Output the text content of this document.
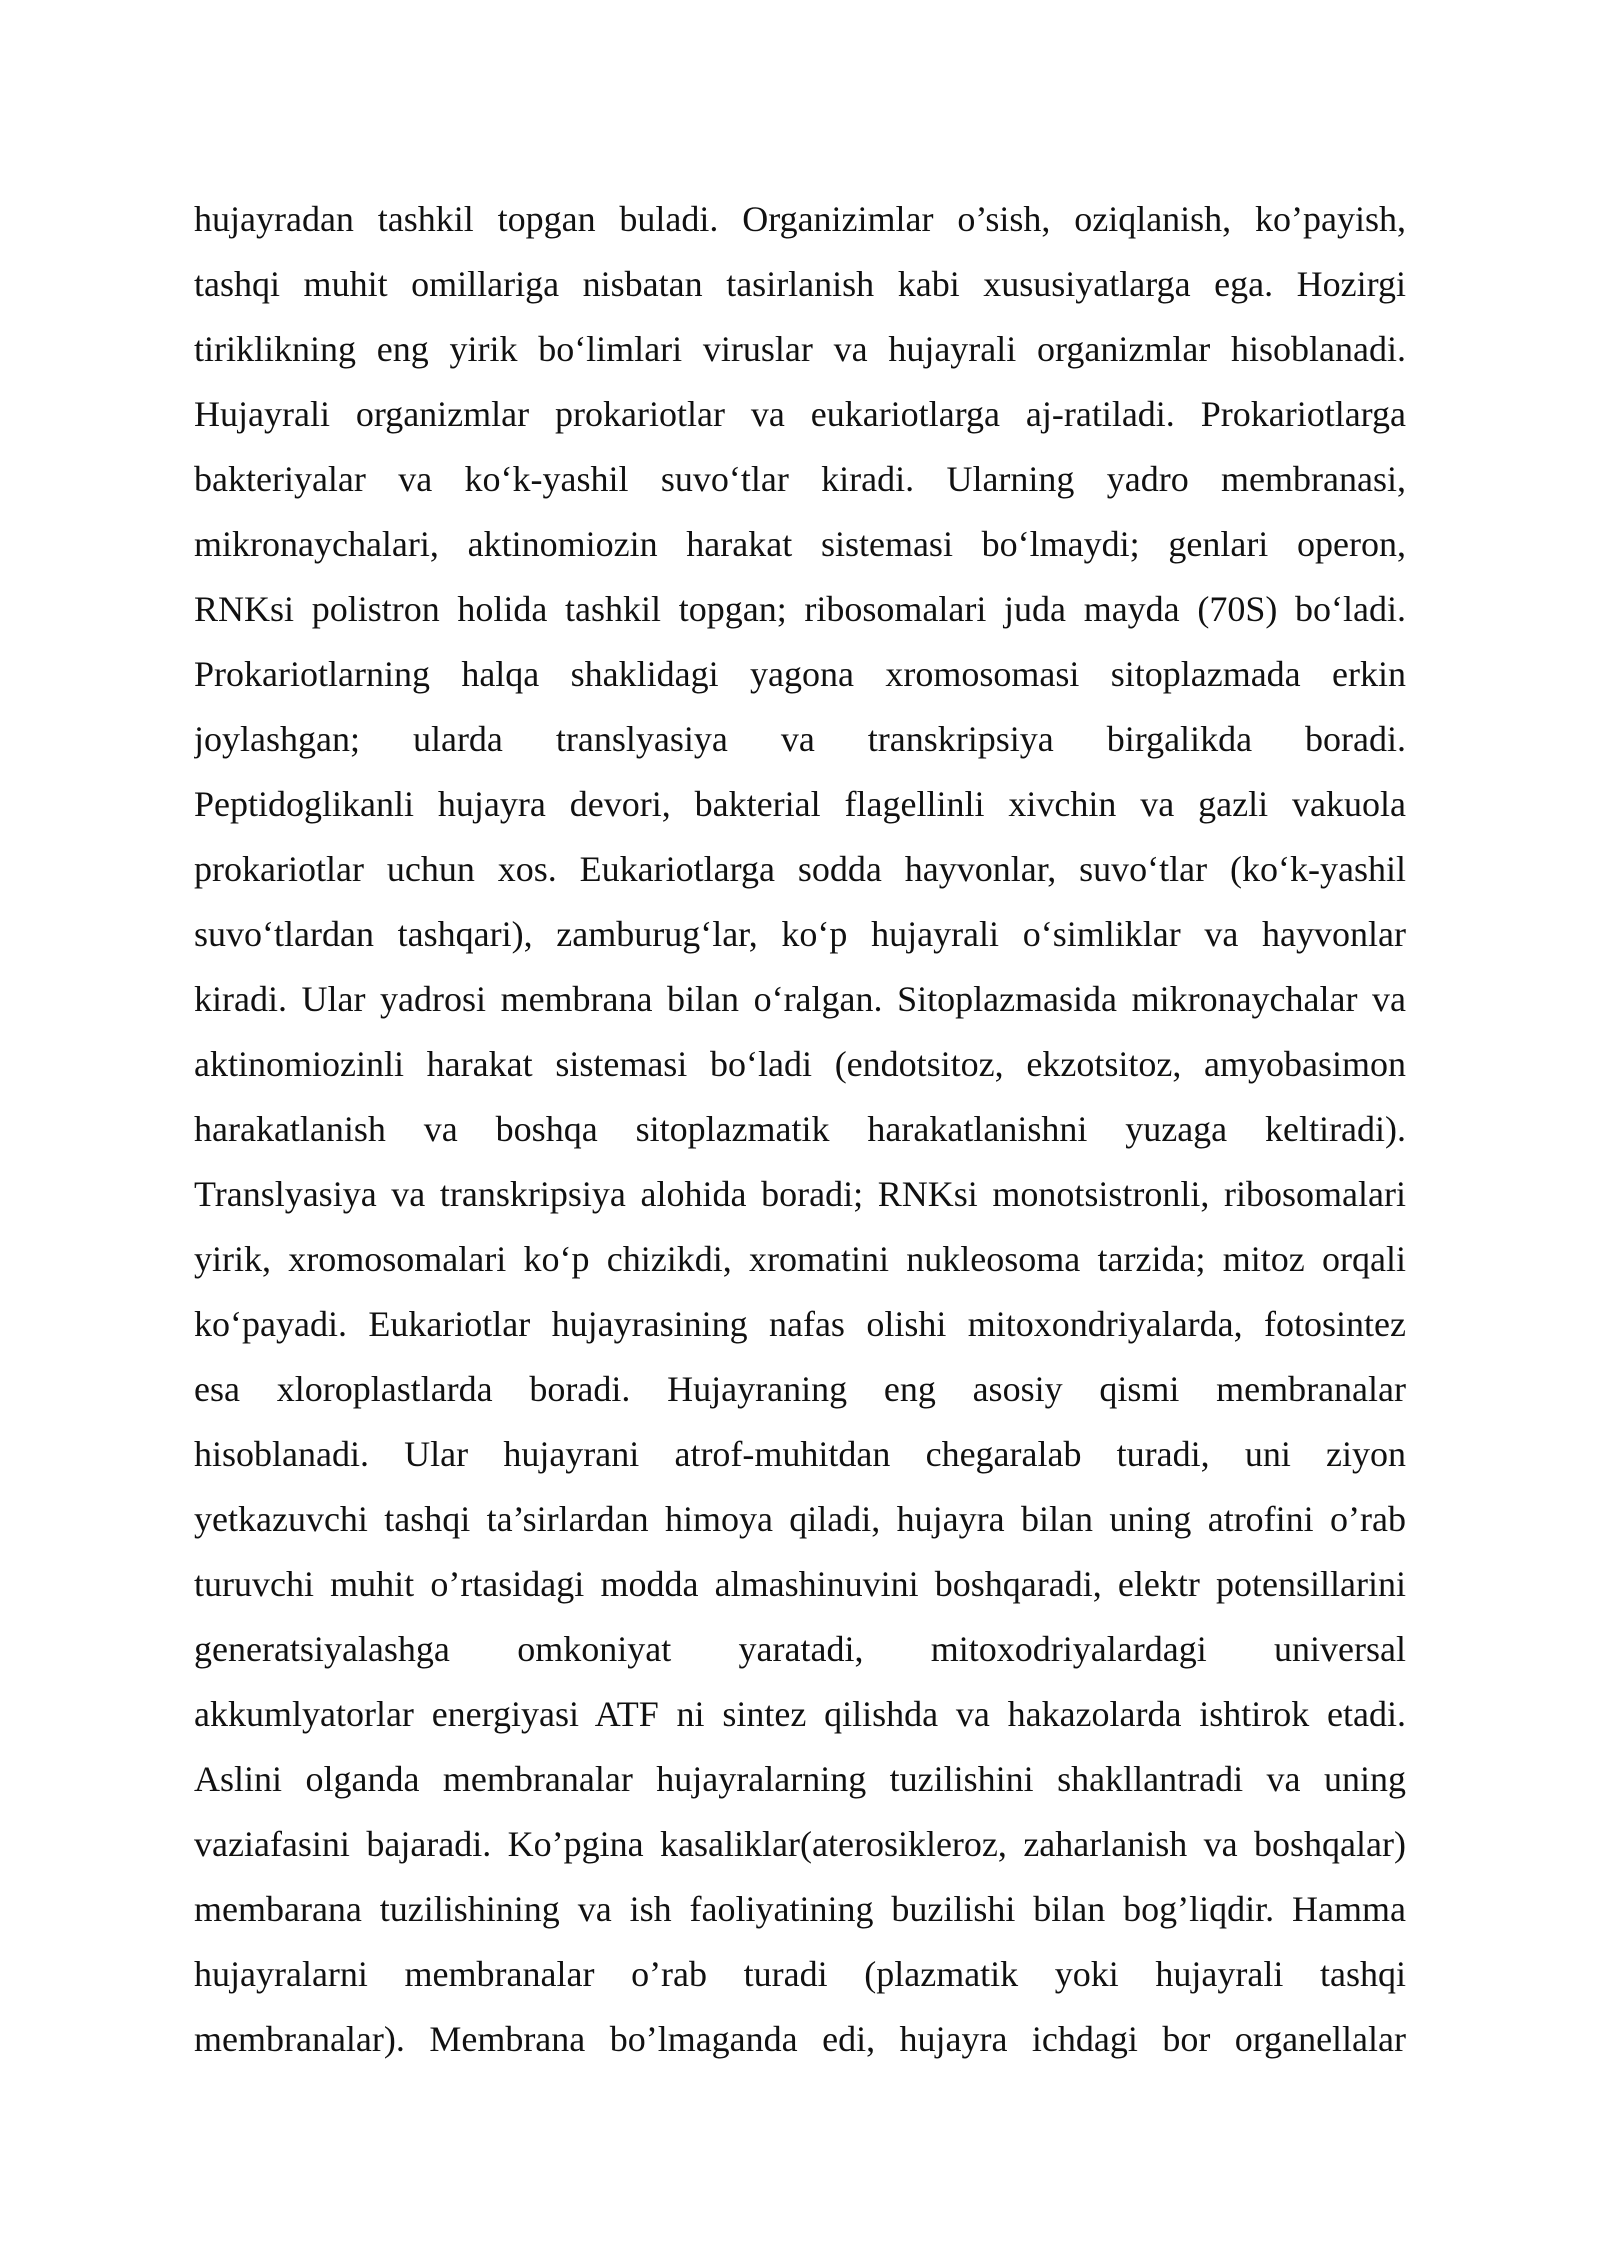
hujayradan tashkil topgan buladi. Organizimlar o’sish, oziqlanish, ko’payish,
tashqi muhit omillariga nisbatan tasirlanish kabi xususiyatlarga ega. Hozirgi
tiriklikning eng yirik bo‘limlari viruslar va hujayrali organizmlar hisoblanadi.
Hujayrali organizmlar prokariotlar va eukariotlarga aj-ratiladi. Prokariotlarga
bakteriyalar va ko‘k-yashil suvo‘tlar kiradi. Ularning yadro membranasi,
mikronaychalari, aktinomiozin harakat sistemasi bo‘lmaydi; genlari operon,
RNKsi polistron holida tashkil topgan; ribosomalari juda mayda (70S) bo‘ladi.
Prokariotlarning halqa shaklidagi yagona xromosomasi sitoplazmada erkin
joylashgan; ularda translyasiya va transkripsiya birgalikda boradi.
Peptidoglikanli hujayra devori, bakterial flagellinli xivchin va gazli vakuola
prokariotlar uchun xos. Eukariotlarga sodda hayvonlar, suvo‘tlar (ko‘k-yashil
suvo‘tlardan tashqari), zamburug‘lar, ko‘p hujayrali o‘simliklar va hayvonlar
kiradi. Ular yadrosi membrana bilan o‘ralgan. Sitoplazmasida mikronaychalar va
aktinomiozinli harakat sistemasi bo‘ladi (endotsitoz, ekzotsitoz, amyobasimon
harakatlanish va boshqa sitoplazmatik harakatlanishni yuzaga keltiradi).
Translyasiya va transkripsiya alohida boradi; RNKsi monotsistronli, ribosomalari
yirik, xromosomalari ko‘p chizikdi, xromatini nukleosoma tarzida; mitoz orqali
ko‘payadi. Eukariotlar hujayrasining nafas olishi mitoxondriyalarda, fotosintez
esa xloroplastlarda boradi. Hujayraning eng asosiy qismi membranalar
hisoblanadi. Ular hujayrani atrof-muhitdan chegaralab turadi, uni ziyon
yetkazuvchi tashqi ta’sirlardan himoya qiladi, hujayra bilan uning atrofini o’rab
turuvchi muhit o’rtasidagi modda almashinuvini boshqaradi, elektr potensillarini
generatsiyalashga omkoniyat yaratadi, mitoxodriyalardagi universal
akkumlyatorlar energiyasi ATF ni sintez qilishda va hakazolarda ishtirok etadi.
Aslini olganda membranalar hujayralarning tuzilishini shakllantradi va uning
vaziafasini bajaradi. Ko’pgina kasaliklar(aterosikleroz, zaharlanish va boshqalar)
membarana tuzilishining va ish faoliyatining buzilishi bilan bog’liqdir. Hamma
hujayralarni membranalar o’rab turadi (plazmatik yoki hujayrali tashqi
membranalar). Membrana bo’lmaganda edi, hujayra ichdagi bor organellalar
